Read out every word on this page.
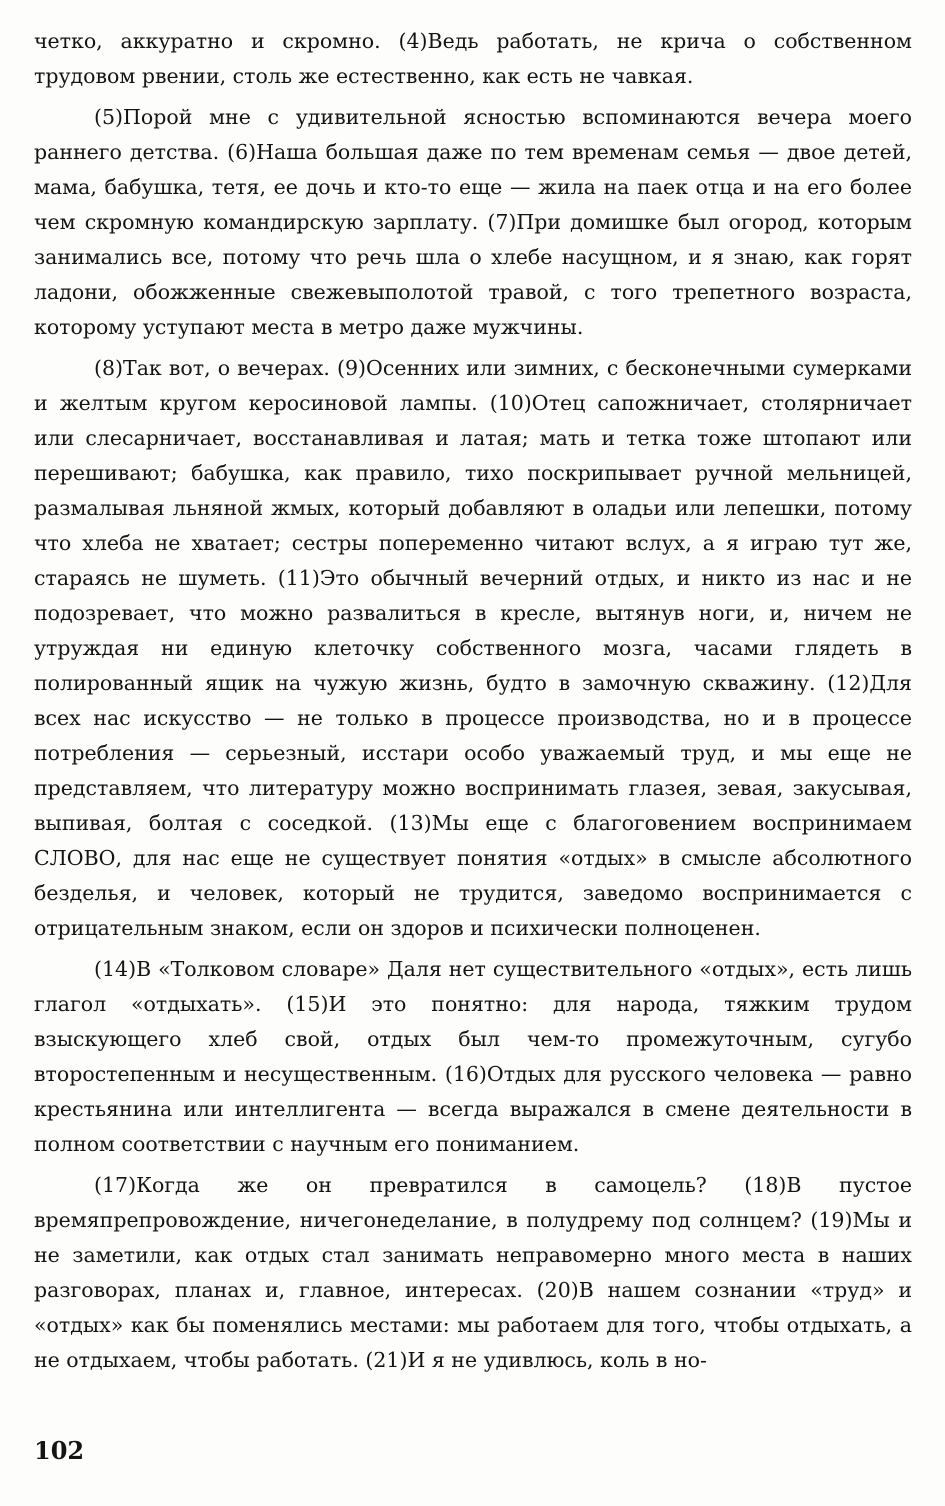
четко, аккуратно и скромно. (4)Ведь работать, не крича о собственном трудовом рвении, столь же естественно, как есть не чавкая.

(5)Порой мне с удивительной ясностью вспоминаются вечера моего раннего детства. (6)Наша большая даже по тем временам семья — двое детей, мама, бабушка, тетя, ее дочь и кто-то еще — жила на паек отца и на его более чем скромную командирскую зарплату. (7)При домишке был огород, которым занимались все, потому что речь шла о хлебе насущном, и я знаю, как горят ладони, обожженные свежевыполотой травой, с того трепетного возраста, которому уступают места в метро даже мужчины.

(8)Так вот, о вечерах. (9)Осенних или зимних, с бесконечными сумерками и желтым кругом керосиновой лампы. (10)Отец сапожничает, столярничает или слесарничает, восстанавливая и латая; мать и тетка тоже штопают или перешивают; бабушка, как правило, тихо поскрипывает ручной мельницей, размалывая льняной жмых, который добавляют в оладьи или лепешки, потому что хлеба не хватает; сестры попеременно читают вслух, а я играю тут же, стараясь не шуметь. (11)Это обычный вечерний отдых, и никто из нас и не подозревает, что можно развалиться в кресле, вытянув ноги, и, ничем не утруждая ни единую клеточку собственного мозга, часами глядеть в полированный ящик на чужую жизнь, будто в замочную скважину. (12)Для всех нас искусство — не только в процессе производства, но и в процессе потребления — серьезный, исстари особо уважаемый труд, и мы еще не представляем, что литературу можно воспринимать глазея, зевая, закусывая, выпивая, болтая с соседкой. (13)Мы еще с благоговением воспринимаем СЛОВО, для нас еще не существует понятия «отдых» в смысле абсолютного безделья, и человек, который не трудится, заведомо воспринимается с отрицательным знаком, если он здоров и психически полноценен.

(14)В «Толковом словаре» Даля нет существительного «отдых», есть лишь глагол «отдыхать». (15)И это понятно: для народа, тяжким трудом взыскующего хлеб свой, отдых был чем-то промежуточным, сугубо второстепенным и несущественным. (16)Отдых для русского человека — равно крестьянина или интеллигента — всегда выражался в смене деятельности в полном соответствии с научным его пониманием.

(17)Когда же он превратился в самоцель? (18)В пустое времяпрепровождение, ничегонеделание, в полудрему под солнцем? (19)Мы и не заметили, как отдых стал занимать неправомерно много места в наших разговорах, планах и, главное, интересах. (20)В нашем сознании «труд» и «отдых» как бы поменялись местами: мы работаем для того, чтобы отдыхать, а не отдыхаем, чтобы работать. (21)И я не удивлюсь, коль в но-

102
